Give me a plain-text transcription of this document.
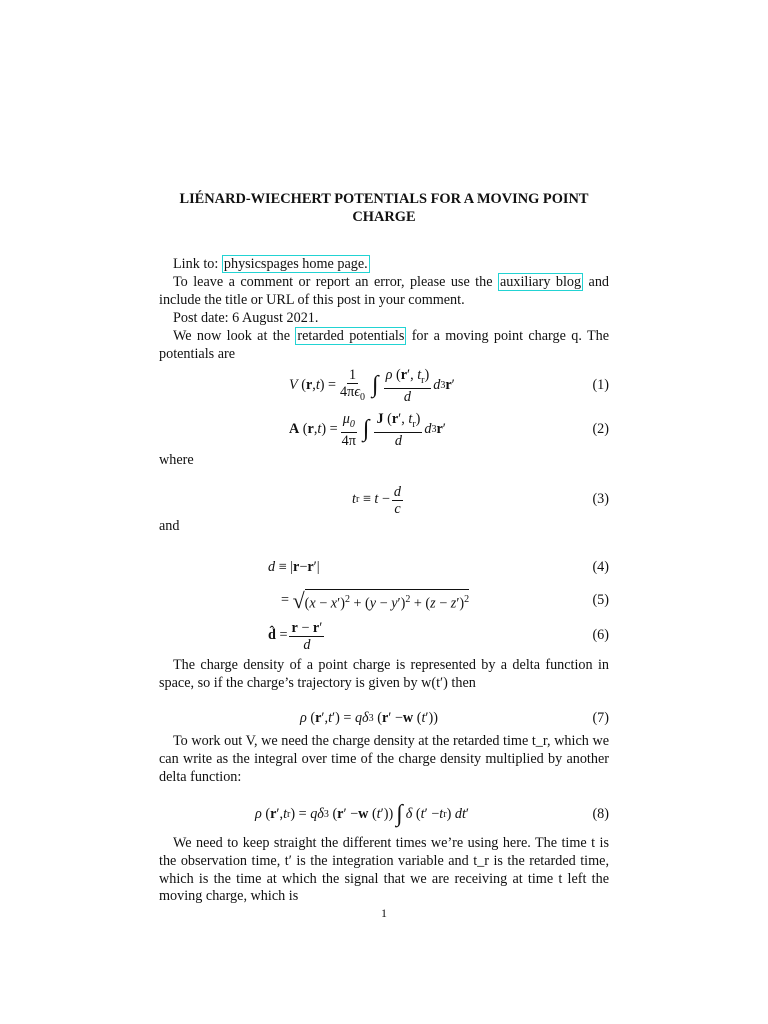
LIÉNARD-WIECHERT POTENTIALS FOR A MOVING POINT CHARGE
Link to: physicspages home page.
To leave a comment or report an error, please use the auxiliary blog and include the title or URL of this post in your comment.
Post date: 6 August 2021.
We now look at the retarded potentials for a moving point charge q. The potentials are
V ( r , t ) = $\frac{1}{4\pi\epsilon_0}$ ∫ $\frac{\rho (r', t_r)}{d}$ d 3 r ′	(1)
A ( r , t ) = $\frac{\mu_0}{4\pi}$ ∫ $\frac{J (r', t_r)}{d}$ d 3 r ′	(2)
where
t $r \equiv t - \frac{d}{c}$	(3)
and
d ≡ | r − r ′|	(4)
= √ $(x - x')^2 + (y - y')^2 + (z - z')^2$	(5)
d̂ = $\frac{r - r'}{d}$	(6)
The charge density of a point charge is represented by a delta function in space, so if the charge’s trajectory is given by w(t′) then
ρ ( r ′, t ′) = qδ 3 ( r ′ − w ( t ′))	(7)
To work out V, we need the charge density at the retarded time t_r, which we can write as the integral over time of the charge density multiplied by another delta function:
ρ ( r ′, t r ) = qδ 3 ( r ′ − w ( t ′)) ∫ δ ( t ′ − t r ) dt ′	(8)
We need to keep straight the different times we’re using here. The time t is the observation time, t′ is the integration variable and t_r is the retarded time, which is the time at which the signal that we are receiving at time t left the moving charge, which is
1
